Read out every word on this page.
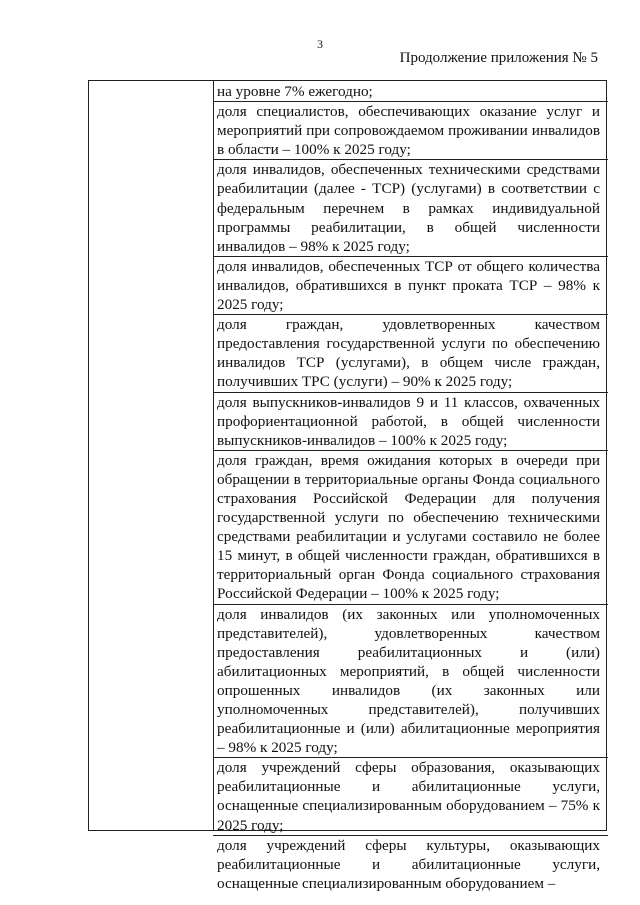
3
Продолжение приложения № 5
на уровне 7% ежегодно;
доля специалистов, обеспечивающих оказание услуг и мероприятий при сопровождаемом проживании инвалидов в области – 100% к 2025 году;
доля инвалидов, обеспеченных техническими средствами реабилитации (далее - ТСР) (услугами) в соответствии с федеральным перечнем в рамках индивидуальной программы реабилитации, в общей численности инвалидов – 98% к 2025 году;
доля инвалидов, обеспеченных ТСР от общего количества инвалидов, обратившихся в пункт проката ТСР – 98% к 2025 году;
доля граждан, удовлетворенных качеством предоставления государственной услуги по обеспечению инвалидов ТСР (услугами), в общем числе граждан, получивших ТРС (услуги) – 90% к 2025 году;
доля выпускников-инвалидов 9 и 11 классов, охваченных профориентационной работой, в общей численности выпускников-инвалидов – 100% к 2025 году;
доля граждан, время ожидания которых в очереди при обращении в территориальные органы Фонда социального страхования Российской Федерации для получения государственной услуги по обеспечению техническими средствами реабилитации и услугами составило не более 15 минут, в общей численности граждан, обратившихся в территориальный орган Фонда социального страхования Российской Федерации – 100% к 2025 году;
доля инвалидов (их законных или уполномоченных представителей), удовлетворенных качеством предоставления реабилитационных и (или) абилитационных мероприятий, в общей численности опрошенных инвалидов (их законных или уполномоченных представителей), получивших реабилитационные и (или) абилитационные мероприятия – 98% к 2025 году;
доля учреждений сферы образования, оказывающих реабилитационные и абилитационные услуги, оснащенные специализированным оборудованием – 75% к 2025 году;
доля учреждений сферы культуры, оказывающих реабилитационные и абилитационные услуги, оснащенные специализированным оборудованием –
